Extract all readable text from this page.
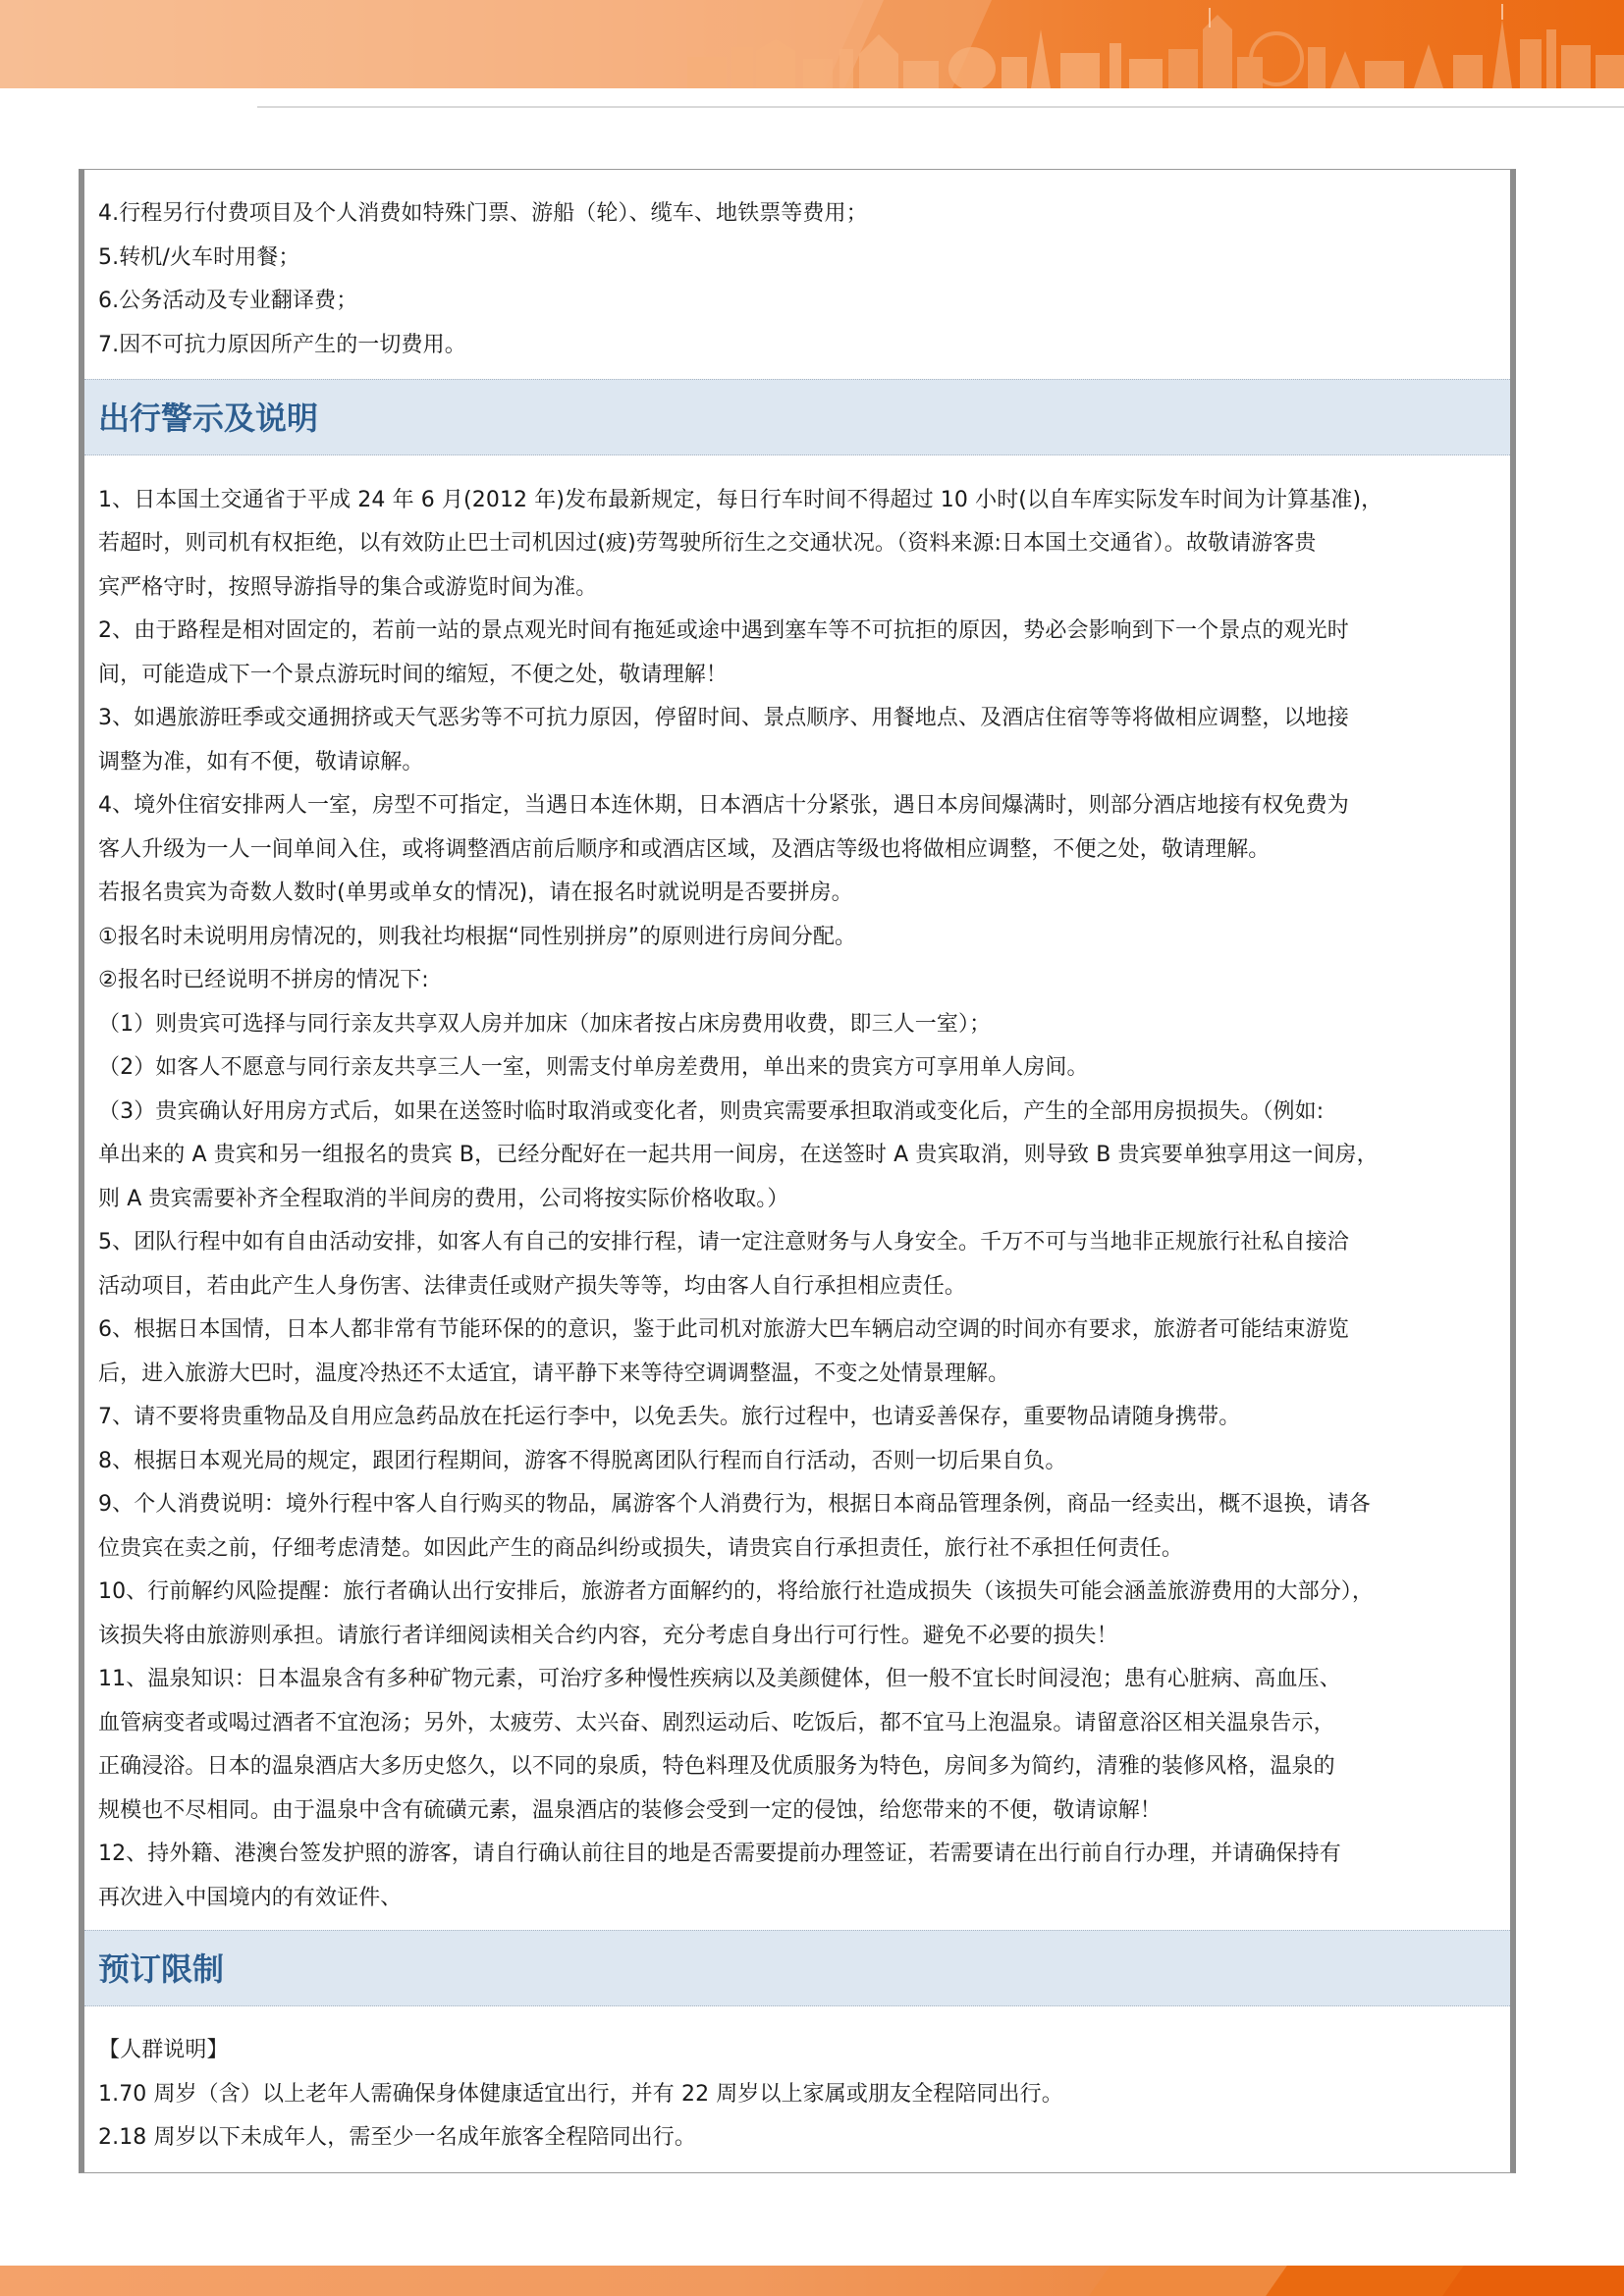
4.行程另行付费项目及个人消费如特殊门票、游船（轮）、缆车、地铁票等费用；
5.转机/火车时用餐；
6.公务活动及专业翻译费；
7.因不可抗力原因所产生的一切费用。
出行警示及说明
1、日本国土交通省于平成 24 年 6 月(2012 年)发布最新规定，每日行车时间不得超过 10 小时(以自车库实际发车时间为计算基准)，
若超时，则司机有权拒绝，以有效防止巴士司机因过(疲)劳驾驶所衍生之交通状况。（资料来源:日本国土交通省）。故敬请游客贵
宾严格守时，按照导游指导的集合或游览时间为准。
2、由于路程是相对固定的，若前一站的景点观光时间有拖延或途中遇到塞车等不可抗拒的原因，势必会影响到下一个景点的观光时
间，可能造成下一个景点游玩时间的缩短，不便之处，敬请理解！
3、如遇旅游旺季或交通拥挤或天气恶劣等不可抗力原因，停留时间、景点顺序、用餐地点、及酒店住宿等等将做相应调整，以地接
调整为准，如有不便，敬请谅解。
4、境外住宿安排两人一室，房型不可指定，当遇日本连休期，日本酒店十分紧张，遇日本房间爆满时，则部分酒店地接有权免费为
客人升级为一人一间单间入住，或将调整酒店前后顺序和或酒店区域，及酒店等级也将做相应调整，不便之处，敬请理解。
若报名贵宾为奇数人数时(单男或单女的情况)，请在报名时就说明是否要拼房。
①报名时未说明用房情况的，则我社均根据“同性别拼房”的原则进行房间分配。
②报名时已经说明不拼房的情况下:
（1）则贵宾可选择与同行亲友共享双人房并加床（加床者按占床房费用收费，即三人一室）；
（2）如客人不愿意与同行亲友共享三人一室，则需支付单房差费用，单出来的贵宾方可享用单人房间。
（3）贵宾确认好用房方式后，如果在送签时临时取消或变化者，则贵宾需要承担取消或变化后，产生的全部用房损损失。（例如:
单出来的 A 贵宾和另一组报名的贵宾 B，已经分配好在一起共用一间房，在送签时 A 贵宾取消，则导致 B 贵宾要单独享用这一间房，
则 A 贵宾需要补齐全程取消的半间房的费用，公司将按实际价格收取。）
5、团队行程中如有自由活动安排，如客人有自己的安排行程，请一定注意财务与人身安全。千万不可与当地非正规旅行社私自接洽
活动项目，若由此产生人身伤害、法律责任或财产损失等等，均由客人自行承担相应责任。
6、根据日本国情，日本人都非常有节能环保的的意识，鉴于此司机对旅游大巴车辆启动空调的时间亦有要求，旅游者可能结束游览
后，进入旅游大巴时，温度冷热还不太适宜，请平静下来等待空调调整温，不变之处情景理解。
7、请不要将贵重物品及自用应急药品放在托运行李中，以免丢失。旅行过程中，也请妥善保存，重要物品请随身携带。
8、根据日本观光局的规定，跟团行程期间，游客不得脱离团队行程而自行活动，否则一切后果自负。
9、个人消费说明：境外行程中客人自行购买的物品，属游客个人消费行为，根据日本商品管理条例，商品一经卖出，概不退换，请各
位贵宾在卖之前，仔细考虑清楚。如因此产生的商品纠纷或损失，请贵宾自行承担责任，旅行社不承担任何责任。
10、行前解约风险提醒：旅行者确认出行安排后，旅游者方面解约的，将给旅行社造成损失（该损失可能会涵盖旅游费用的大部分），
该损失将由旅游则承担。请旅行者详细阅读相关合约内容，充分考虑自身出行可行性。避免不必要的损失！
11、温泉知识：日本温泉含有多种矿物元素，可治疗多种慢性疾病以及美颜健体，但一般不宜长时间浸泡；患有心脏病、高血压、
血管病变者或喝过酒者不宜泡汤；另外，太疲劳、太兴奋、剧烈运动后、吃饭后，都不宜马上泡温泉。请留意浴区相关温泉告示，
正确浸浴。日本的温泉酒店大多历史悠久，以不同的泉质，特色料理及优质服务为特色，房间多为简约，清雅的装修风格，温泉的
规模也不尽相同。由于温泉中含有硫磺元素，温泉酒店的装修会受到一定的侵蚀，给您带来的不便，敬请谅解！
12、持外籍、港澳台签发护照的游客，请自行确认前往目的地是否需要提前办理签证，若需要请在出行前自行办理，并请确保持有
再次进入中国境内的有效证件、
预订限制
【人群说明】
1.70 周岁（含）以上老年人需确保身体健康适宜出行，并有 22 周岁以上家属或朋友全程陪同出行。
2.18 周岁以下未成年人，需至少一名成年旅客全程陪同出行。
